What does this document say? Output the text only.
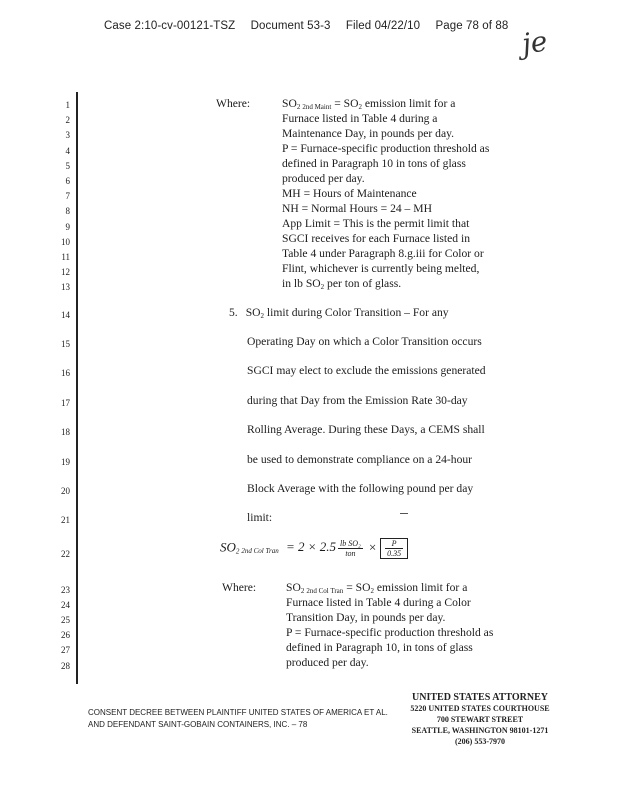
Case 2:10-cv-00121-TSZ Document 53-3 Filed 04/22/10 Page 78 of 88 je
1
2
3
4
5
6
7
8
9
10
11
12
13
14
15
16
17
18
19
20
21
22
23
24
25
26
27
28
Where:	$SO_2$ $_{2nd Maint} = SO_2$ emission limit for a
Furnace listed in Table 4 during a
Maintenance Day, in pounds per day.
P = Furnace-specific production threshold as
defined in Paragraph 10 in tons of glass
produced per day.
MH = Hours of Maintenance
NH = Normal Hours = 24 – MH
App Limit = This is the permit limit that
SGCI receives for each Furnace listed in
Table 4 under Paragraph 8.g.iii for Color or
Flint, whichever is currently being melted,
in lb $SO_2$ per ton of glass.
5. $SO_2$ limit during Color Transition – For any
Operating Day on which a Color Transition occurs
SGCI may elect to exclude the emissions generated
during that Day from the Emission Rate 30-day
Rolling Average. During these Days, a CEMS shall
be used to demonstrate compliance on a 24-hour
Block Average with the following pound per day
limit:
$SO_2$ $_{2nd Col Tran} = 2 \times 2.5 \frac{\text{lb SO₂}}{\text{ton}} \times \frac{P}{0.35}$
Where:	$SO_2$ $_{2nd Col Tran} = SO_2$ emission limit for a
Furnace listed in Table 4 during a Color
Transition Day, in pounds per day.
P = Furnace-specific production threshold as
defined in Paragraph 10, in tons of glass
produced per day.
CONSENT DECREE BETWEEN PLAINTIFF UNITED STATES OF AMERICA ET AL.
AND DEFENDANT SAINT-GOBAIN CONTAINERS, INC. – 78
UNITED STATES ATTORNEY
5220 UNITED STATES COURTHOUSE
700 STEWART STREET
SEATTLE, WASHINGTON 98101-1271
(206) 553-7970
